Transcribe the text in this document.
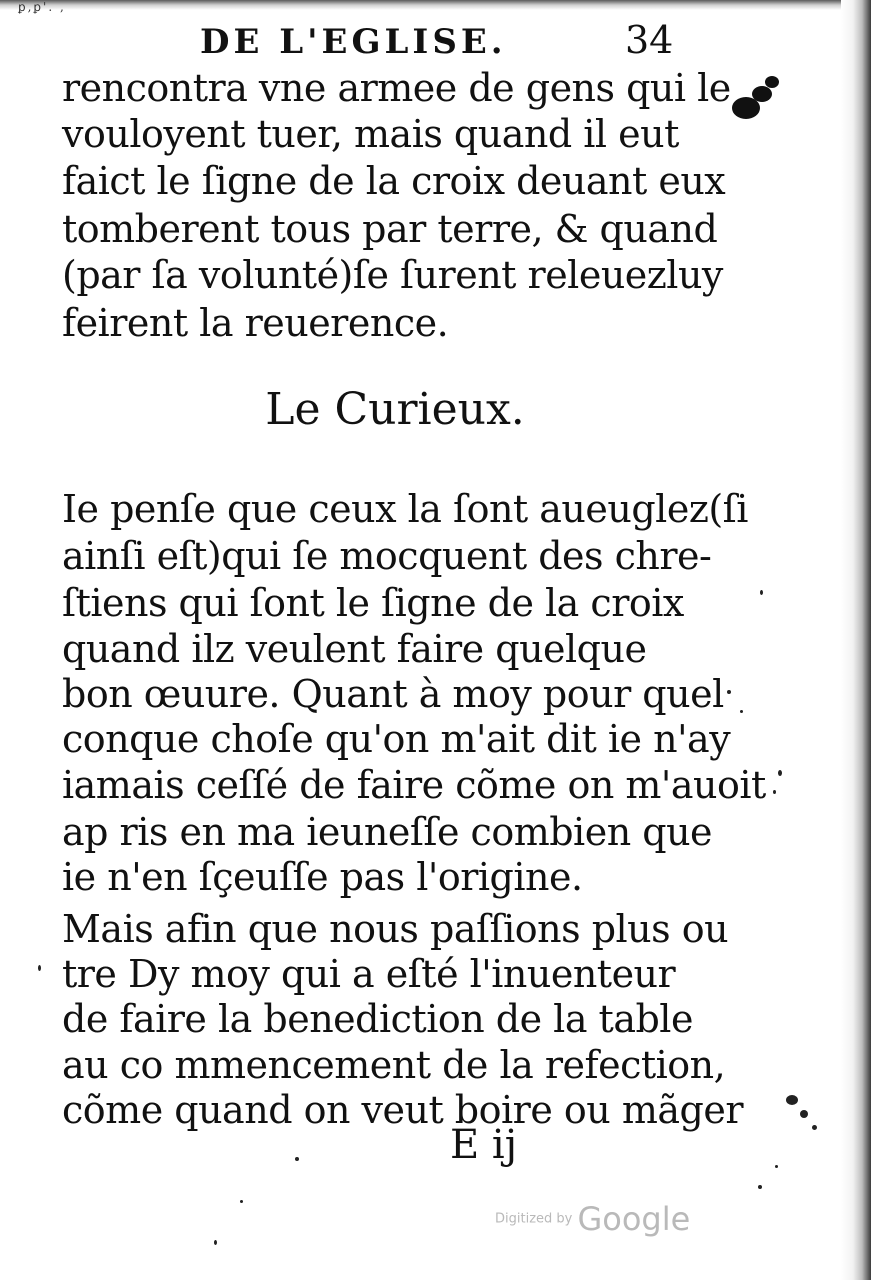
ꝑ,ꝑ'. ,
DE L'EGLISE.	34
rencontra vne armee de gens qui le
vouloyent tuer, mais quand il eut
faict le ſigne de la croix deuant eux
tomberent tous par terre, & quand
(par ſa volunté)ſe ſurent releuezluy
feirent la reuerence.
Le Curieux.
Ie penſe que ceux la ſont aueuglez(ſi
ainſi eſt)qui ſe mocquent des chre-
ſtiens qui ſont le ſigne de la croix
quand ilz veulent faire quelque
bon œuure. Quant à moy pour quel
conque choſe qu'on m'ait dit ie n'ay
iamais ceſſé de faire cõme on m'auoit
ap ris en ma ieuneſſe combien que
ie n'en ſçeuſſe pas l'origine.
Mais afin que nous paſſions plus ou
tre Dy moy qui a eſté l'inuenteur
de faire la benediction de la table
au co mmencement de la refection,
cõme quand on veut boire ou mãger
E ij
Digitized by Google
